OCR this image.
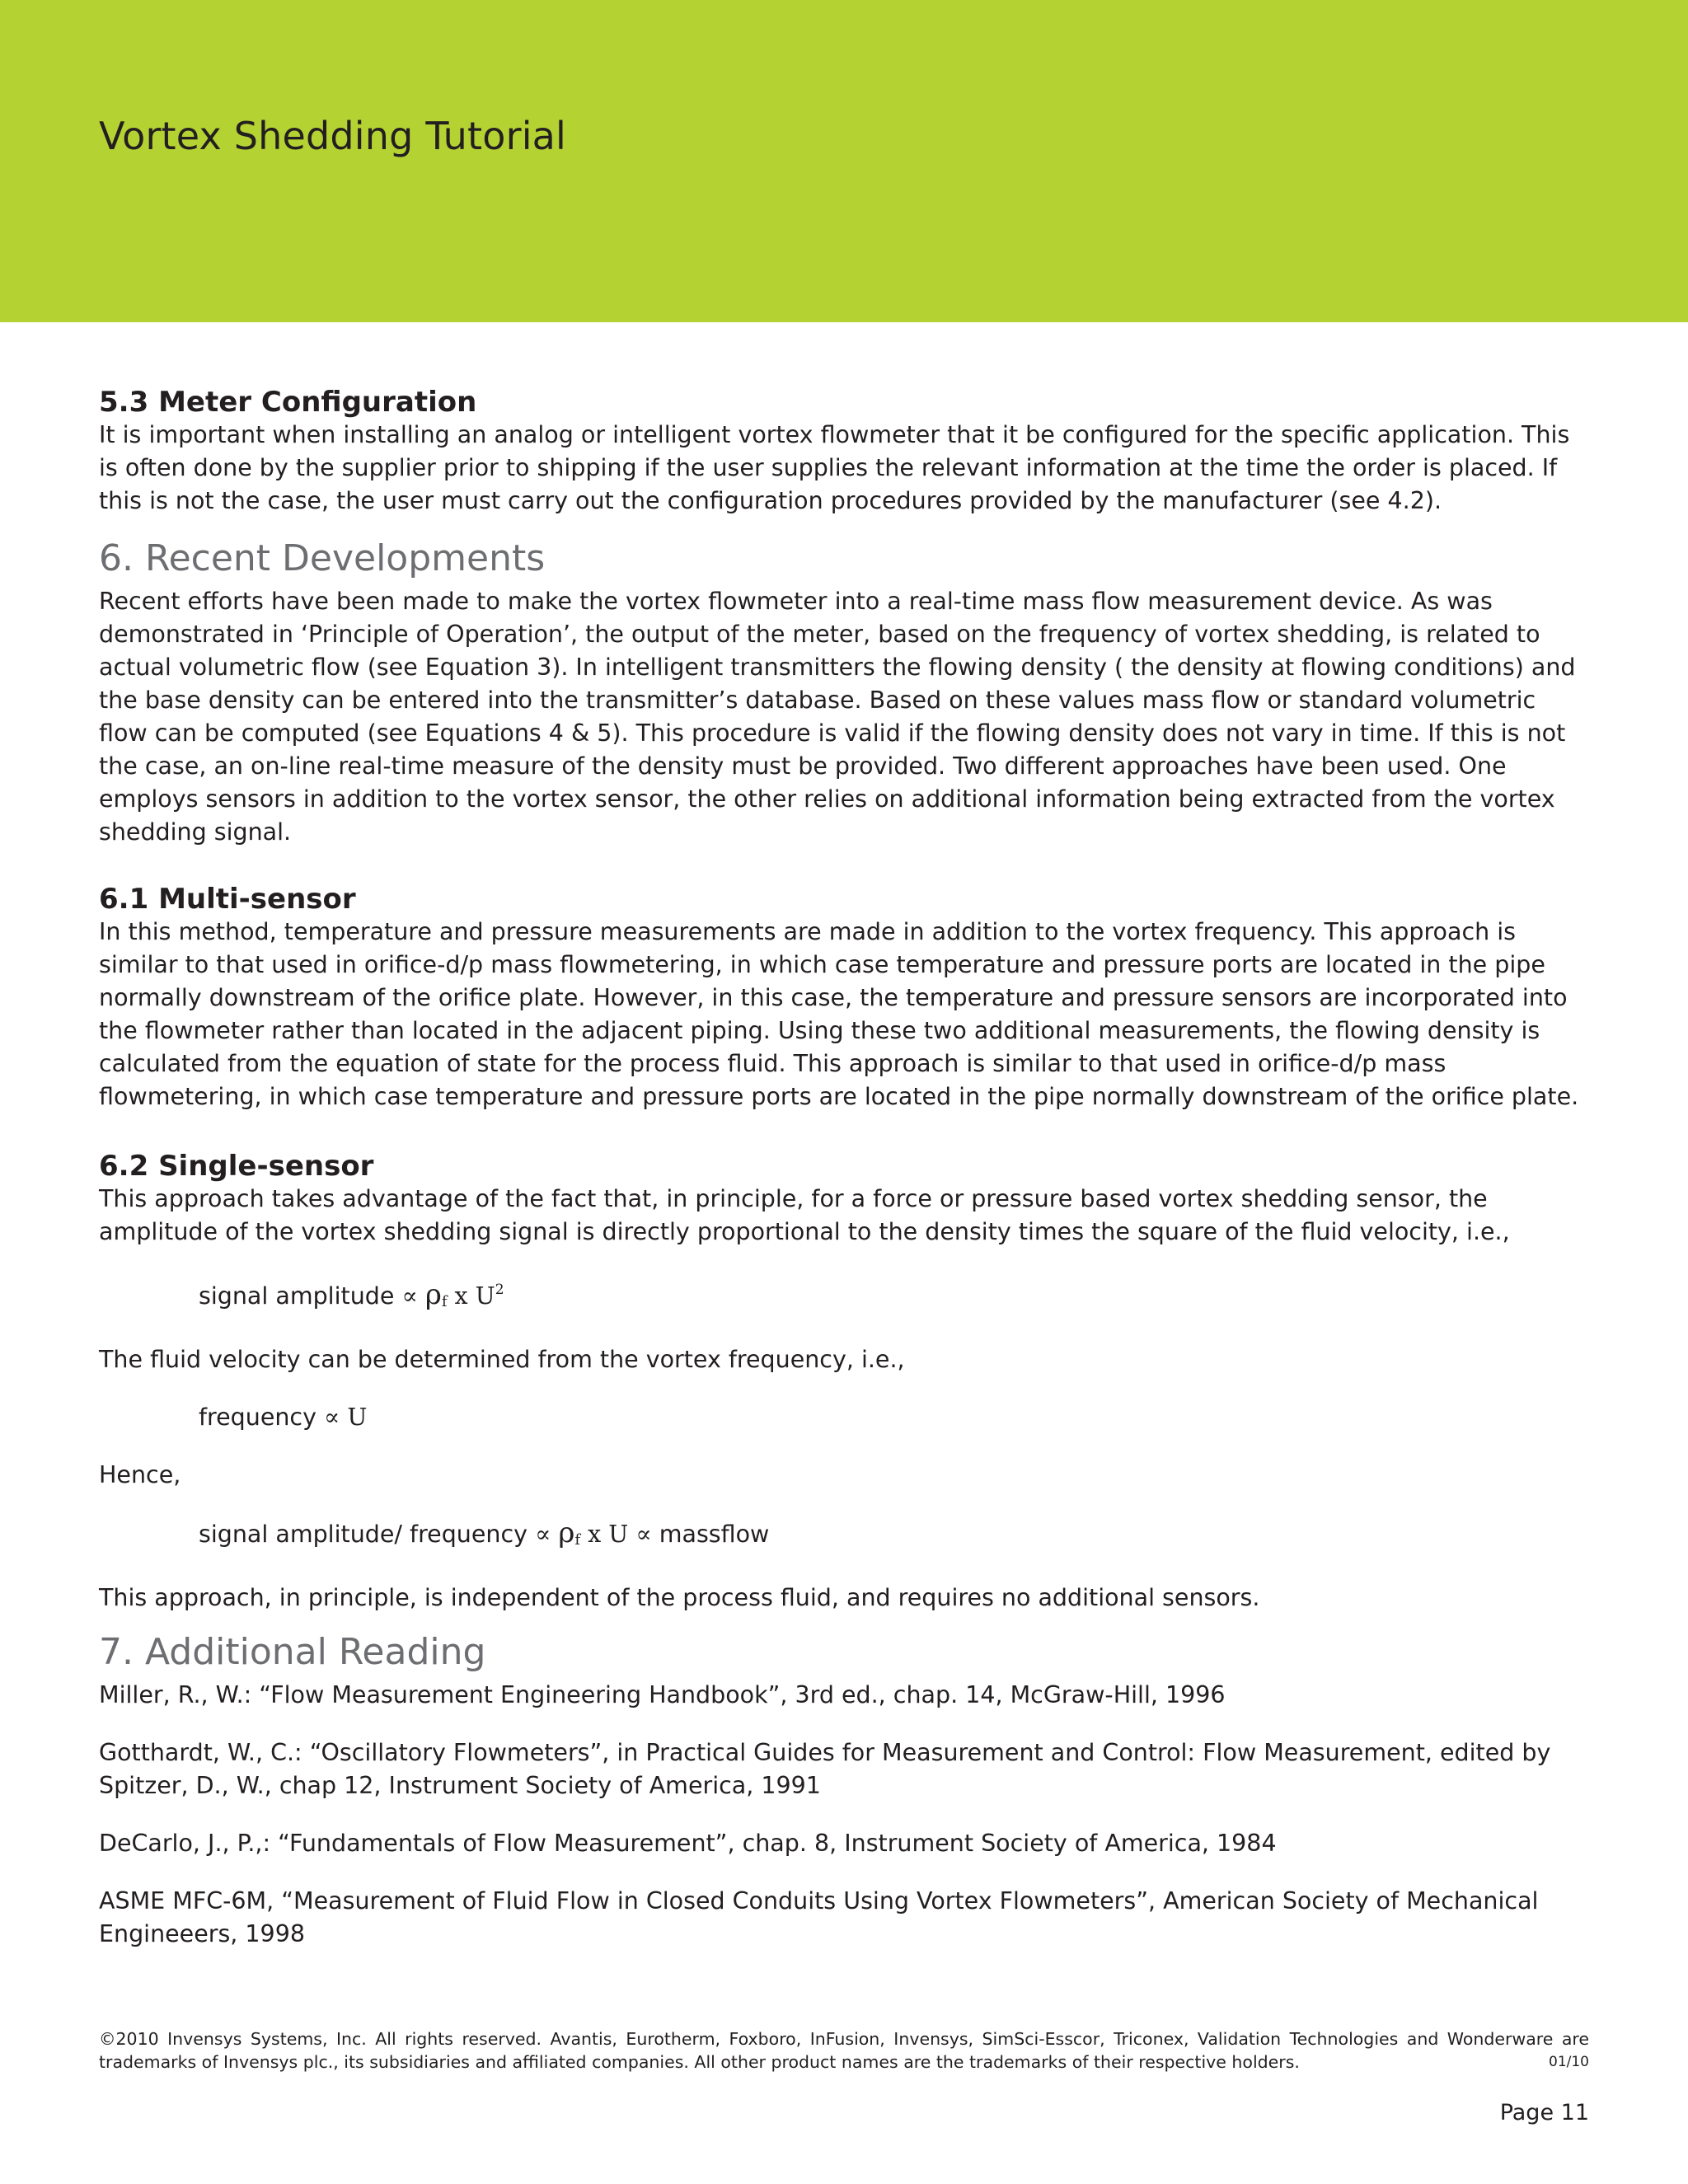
Vortex Shedding Tutorial
5.3 Meter Configuration

It is important when installing an analog or intelligent vortex flowmeter that it be configured for the specific application. This is often done by the supplier prior to shipping if the user supplies the relevant information at the time the order is placed. If this is not the case, the user must carry out the configuration procedures provided by the manufacturer (see 4.2).

6. Recent Developments

Recent efforts have been made to make the vortex flowmeter into a real-time mass flow measurement device. As was demonstrated in ‘Principle of Operation’, the output of the meter, based on the frequency of vortex shedding, is related to actual volumetric flow (see Equation 3). In intelligent transmitters the flowing density ( the density at flowing conditions) and the base density can be entered into the transmitter’s database. Based on these values mass flow or standard volumetric flow can be computed (see Equations 4 & 5). This procedure is valid if the flowing density does not vary in time. If this is not the case, an on-line real-time measure of the density must be provided. Two different approaches have been used. One employs sensors in addition to the vortex sensor, the other relies on additional information being extracted from the vortex shedding signal.

6.1 Multi-sensor

In this method, temperature and pressure measurements are made in addition to the vortex frequency. This approach is similar to that used in orifice-d/p mass flowmetering, in which case temperature and pressure ports are located in the pipe normally downstream of the orifice plate. However, in this case, the temperature and pressure sensors are incorporated into the flowmeter rather than located in the adjacent piping. Using these two additional measurements, the flowing density is calculated from the equation of state for the process fluid. This approach is similar to that used in orifice-d/p mass flowmetering, in which case temperature and pressure ports are located in the pipe normally downstream of the orifice plate.

6.2 Single-sensor

This approach takes advantage of the fact that, in principle, for a force or pressure based vortex shedding sensor, the amplitude of the vortex shedding signal is directly proportional to the density times the square of the fluid velocity, i.e.,

signal amplitude ∝ ρf x $U^2$

The fluid velocity can be determined from the vortex frequency, i.e.,

frequency ∝ U

Hence,

signal amplitude/ frequency ∝ ρf x U ∝ massflow

This approach, in principle, is independent of the process fluid, and requires no additional sensors.

7. Additional Reading

Miller, R., W.: “Flow Measurement Engineering Handbook”, 3rd ed., chap. 14, McGraw-Hill, 1996

Gotthardt, W., C.: “Oscillatory Flowmeters”, in Practical Guides for Measurement and Control: Flow Measurement, edited by Spitzer, D., W., chap 12, Instrument Society of America, 1991

DeCarlo, J., P.,: “Fundamentals of Flow Measurement”, chap. 8, Instrument Society of America, 1984

ASME MFC-6M, “Measurement of Fluid Flow in Closed Conduits Using Vortex Flowmeters”, American Society of Mechanical Engineeers, 1998

©2010 Invensys Systems, Inc. All rights reserved. Avantis, Eurotherm, Foxboro, InFusion, Invensys, SimSci-Esscor, Triconex, Validation Technologies and Wonderware are trademarks of Invensys plc., its subsidiaries and affiliated companies. All other product names are the trademarks of their respective holders.	01/10
Page 11
